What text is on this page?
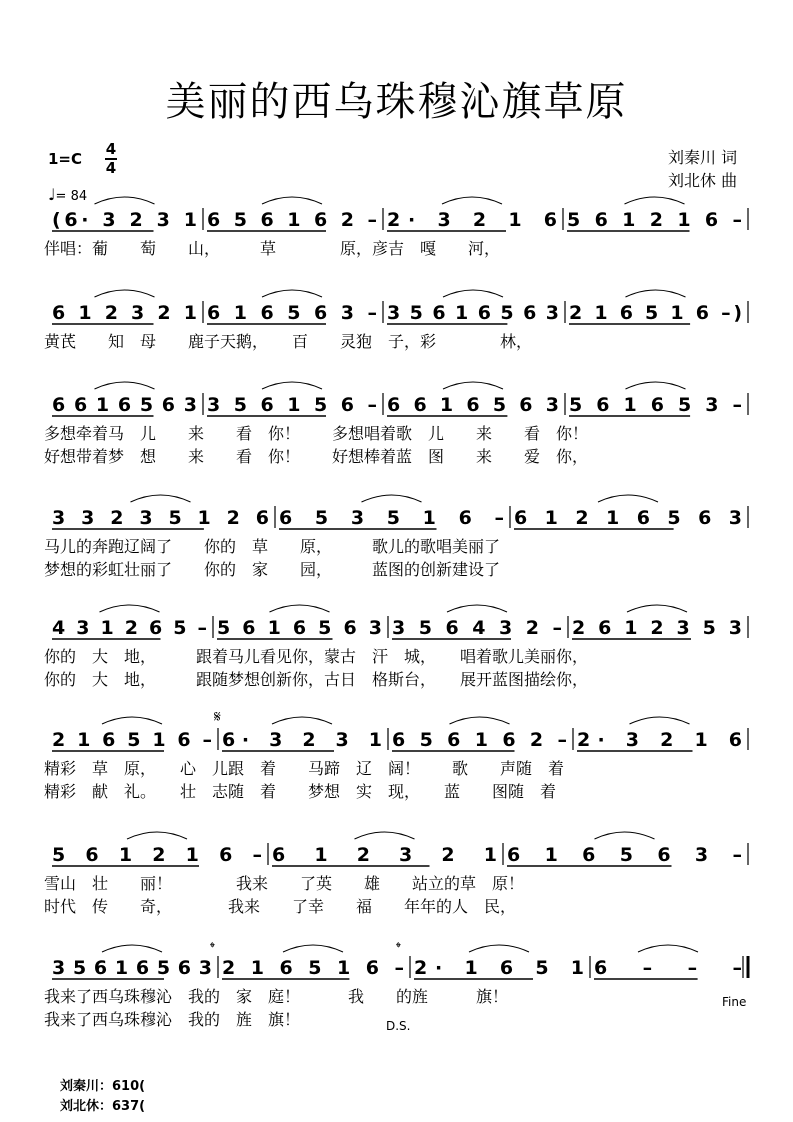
美丽的西乌珠穆沁旗草原
1=C
4
4
♩= 84
刘秦川 词
刘北休 曲
(6· 3 2 3 1 6 5 6 1 6 2 – 2· 3 2 1 6 5 6 1 2 1 6 –
伴唱：葡　　萄　　山，　　　草　　　　原，彦吉　嘎　　河，
6 1 2 3 2 1 6 1 6 5 6 3 – 3 5 6 1 6 5 6 3 2 1 6 5 1 6 –)
黄芪　　知　母　　鹿子天鹅，　　百　　灵狍　子，彩　　　　林，
6 6 1 6 5 6 3 3 5 6 1 5 6 – 6 6 1 6 5 6 3 5 6 1 6 5 3 –
多想牵着马　儿　　来　　看　你！　　多想唱着歌　儿　　来　　看　你！
好想带着梦　想　　来　　看　你！　　好想棒着蓝　图　　来　　爱　你，
3 3 2 3 5 1 2 6 6 5 3 5 1 6 – 6 1 2 1 6 5 6 3
马儿的奔跑辽阔了　　你的　草　　原，　　　歌儿的歌唱美丽了
梦想的彩虹壮丽了　　你的　家　　园，　　　蓝图的创新建设了
4 3 1 2 6 5 – 5 6 1 6 5 6 3 3 5 6 4 3 2 – 2 6 1 2 3 5 3
你的　大　地，　　　跟着马儿看见你，蒙古　汗　城，　　唱着歌儿美丽你，
你的　大　地，　　　跟随梦想创新你，古日　格斯台，　　展开蓝图描绘你，
2 1 6 5 1 6 – 6· 3 2 3 1 6 5 6 1 6 2 – 2· 3 2 1 6
精彩　草　原，　　心　儿跟　着　　马蹄　辽　阔！　　歌　　声随　着
精彩　献　礼。　　壮　志随　着　　梦想　实　现，　　蓝　　图随　着
5 6 1 2 1 6 – 6 1 2 3 2 1 6 1 6 5 6 3 –
雪山　壮　　丽！　　　　我来　　了英　　雄　　站立的草　原！
时代　传　　奇，　　　　我来　　了幸　　福　　年年的人　民，
3 5 6 1 6 5 6 3 2 1 6 5 1 6 – 2· 1 6 5 1 6 – – –
我来了西乌珠穆沁　我的　家　庭！　　　我　　的旌　　　旗！
我来了西乌珠穆沁　我的　旌　旗！
𝄋
𝄌	𝄌
Fine
D.S.
刘秦川：610(
刘北休：637(
